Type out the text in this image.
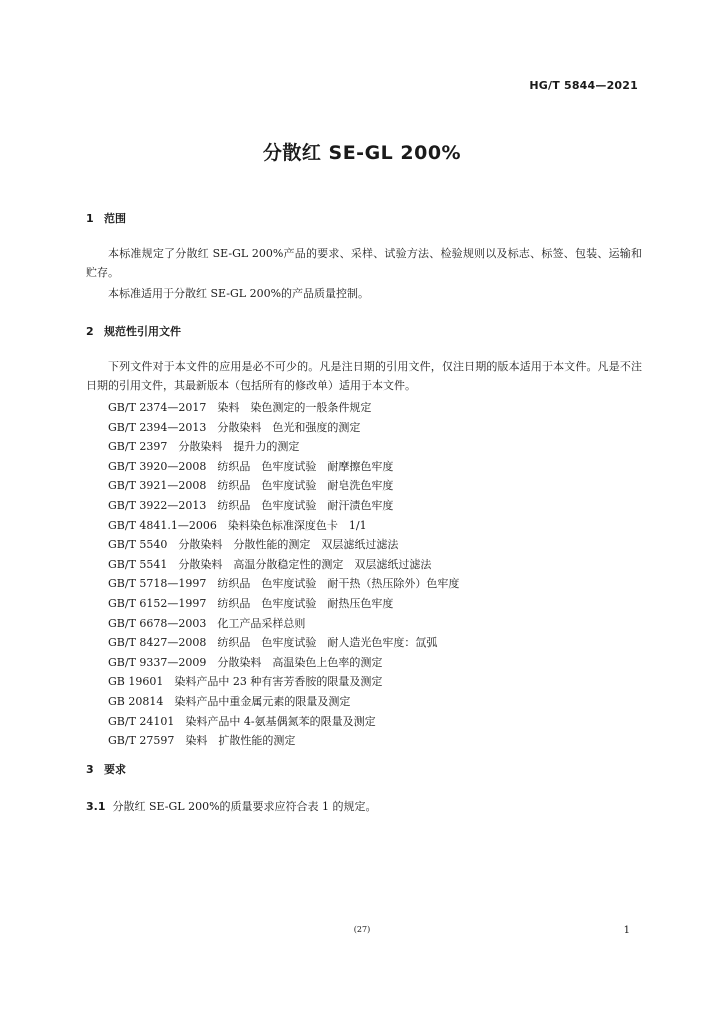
HG/T 5844—2021
分散红 SE-GL 200%
1 范围
本标准规定了分散红 SE-GL 200%产品的要求、采样、试验方法、检验规则以及标志、标签、包装、运输和贮存。
本标准适用于分散红 SE-GL 200%的产品质量控制。
2 规范性引用文件
下列文件对于本文件的应用是必不可少的。凡是注日期的引用文件，仅注日期的版本适用于本文件。凡是不注日期的引用文件，其最新版本（包括所有的修改单）适用于本文件。
GB/T 2374—2017　染料　染色测定的一般条件规定
GB/T 2394—2013　分散染料　色光和强度的测定
GB/T 2397　分散染料　提升力的测定
GB/T 3920—2008　纺织品　色牢度试验　耐摩擦色牢度
GB/T 3921—2008　纺织品　色牢度试验　耐皂洗色牢度
GB/T 3922—2013　纺织品　色牢度试验　耐汗渍色牢度
GB/T 4841.1—2006　染料染色标准深度色卡　1/1
GB/T 5540　分散染料　分散性能的测定　双层滤纸过滤法
GB/T 5541　分散染料　高温分散稳定性的测定　双层滤纸过滤法
GB/T 5718—1997　纺织品　色牢度试验　耐干热（热压除外）色牢度
GB/T 6152—1997　纺织品　色牢度试验　耐热压色牢度
GB/T 6678—2003　化工产品采样总则
GB/T 8427—2008　纺织品　色牢度试验　耐人造光色牢度：氙弧
GB/T 9337—2009　分散染料　高温染色上色率的测定
GB 19601　染料产品中 23 种有害芳香胺的限量及测定
GB 20814　染料产品中重金属元素的限量及测定
GB/T 24101　染料产品中 4-氨基偶氮苯的限量及测定
GB/T 27597　染料　扩散性能的测定
3 要求
3.1 分散红 SE-GL 200%的质量要求应符合表 1 的规定。
(27)	1
